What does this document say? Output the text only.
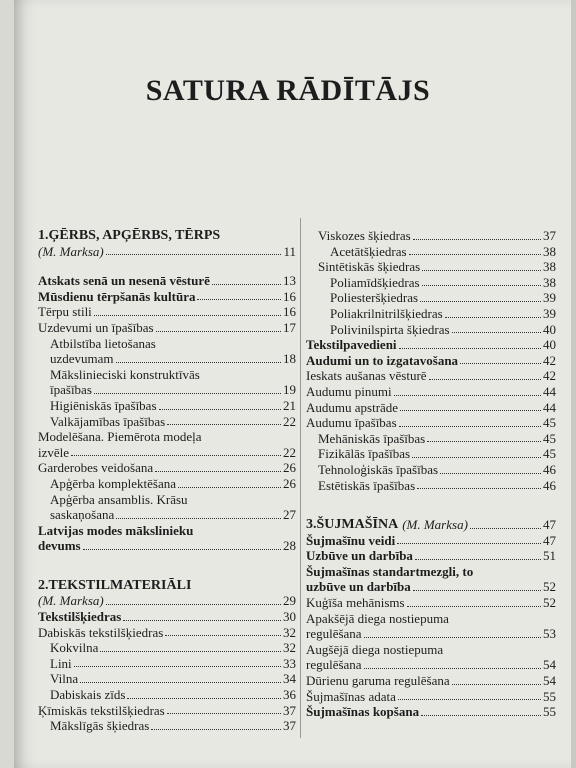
SATURA RĀDĪTĀJS
1.ĢĒRBS, APĢĒRBS, TĒRPS
(M. Marksa)	11
Atskats senā un nesenā vēsturē	13
Mūsdienu tērpšanās kultūra	16
Tērpu stili	16
Uzdevumi un īpašības	17
Atbilstība lietošanas
uzdevumam	18
Mākslinieciski konstruktīvās
īpašības	19
Higiēniskās īpašības	21
Valkājamības īpašības	22
Modelēšana. Piemērota modeļa
izvēle	22
Garderobes veidošana	26
Apģērba komplektēšana	26
Apģērba ansamblis. Krāsu
saskaņošana	27
Latvijas modes mākslinieku
devums	28
2.TEKSTILMATERIĀLI
(M. Marksa)	29
Tekstilšķiedras	30
Dabiskās tekstilšķiedras	32
Kokvilna	32
Lini	33
Vilna	34
Dabiskais zīds	36
Ķīmiskās tekstilšķiedras	37
Mākslīgās šķiedras	37
Viskozes šķiedras	37
Acetātšķiedras	38
Sintētiskās šķiedras	38
Poliamīdšķiedras	38
Poliesteršķiedras	39
Poliakrilnitrilšķiedras	39
Polivinilspirta šķiedras	40
Tekstilpavedieni	40
Audumi un to izgatavošana	42
Ieskats aušanas vēsturē	42
Audumu pinumi	44
Audumu apstrāde	44
Audumu īpašības	45
Mehāniskās īpašības	45
Fizikālās īpašības	45
Tehnoloģiskās īpašības	46
Estētiskās īpašības	46
3.ŠUJMAŠĪNA (M. Marksa)	47
Šujmašīnu veidi	47
Uzbūve un darbība	51
Šujmašīnas standartmezgli, to
uzbūve un darbība	52
Kuģīša mehānisms	52
Apakšējā diega nostiepuma
regulēšana	53
Augšējā diega nostiepuma
regulēšana	54
Dūrienu garuma regulēšana	54
Šujmašīnas adata	55
Šujmašīnas kopšana	55
